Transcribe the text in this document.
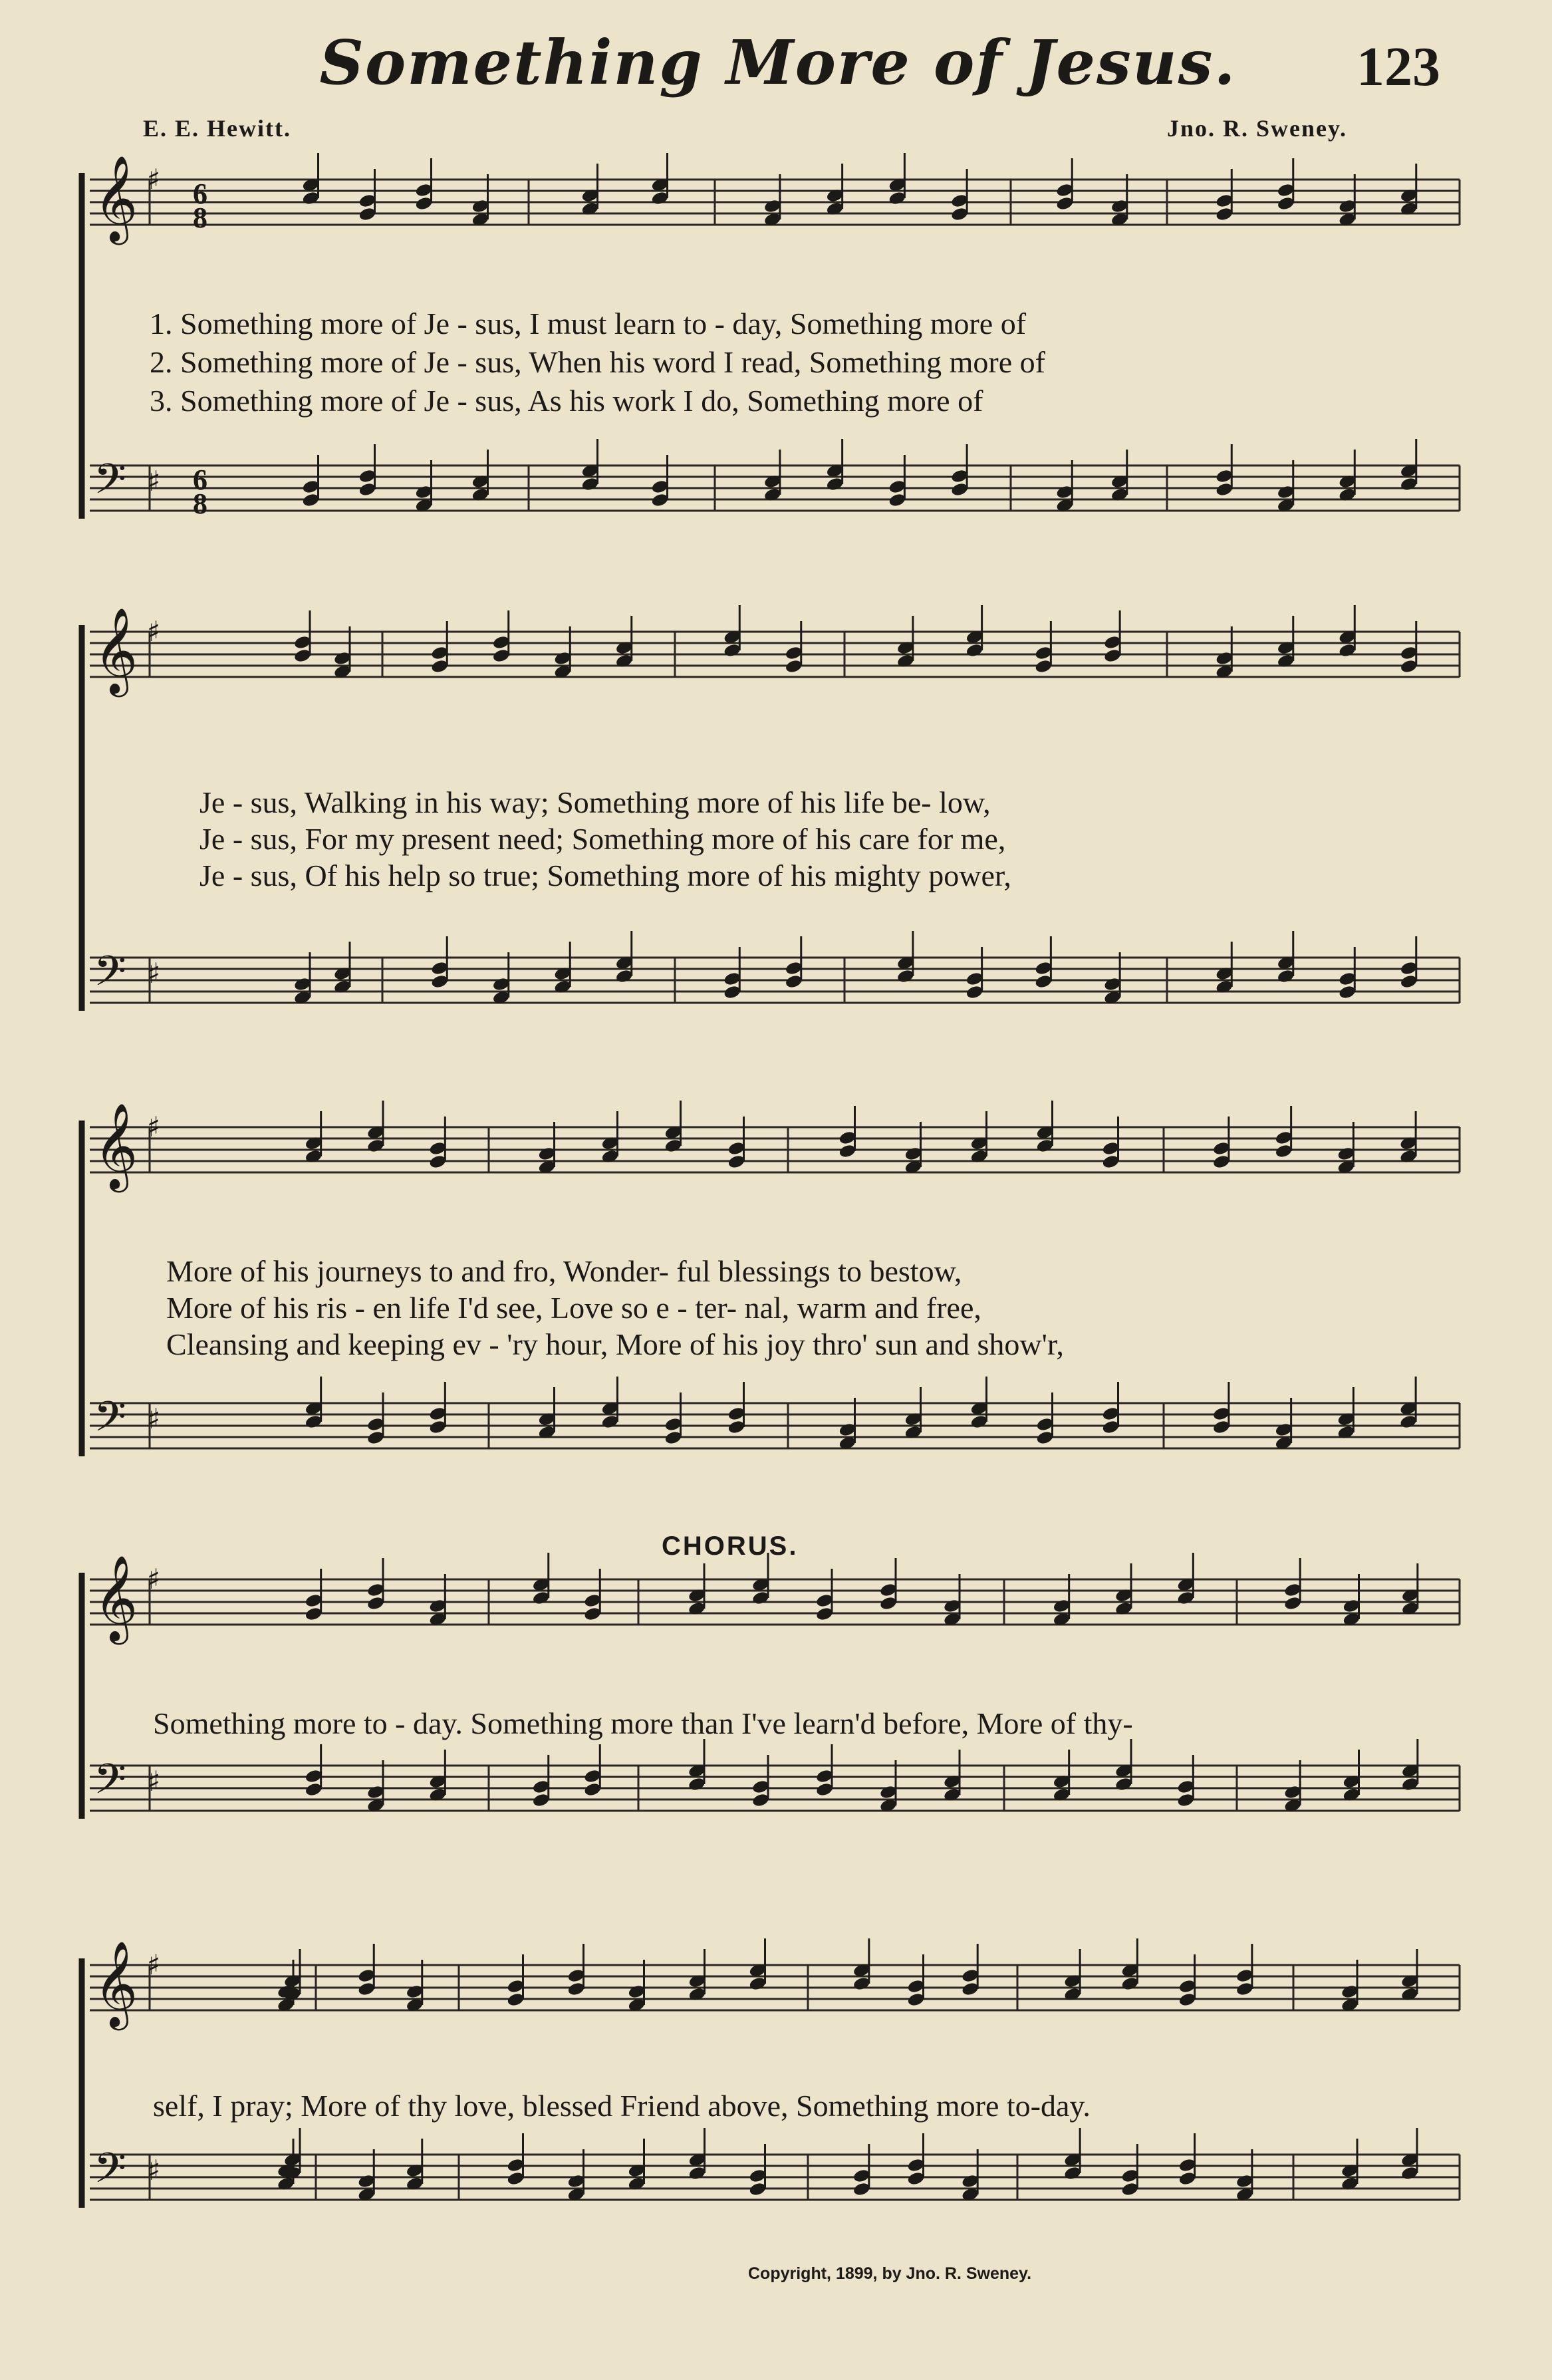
Something More of Jesus.	123
E. E. Hewitt.	Jno. R. Sweney.
CHORUS.
Copyright, 1899, by Jno. R. Sweney.
𝄞 ♯
𝄢 ♯
6
8
6
8
1. Something more of Je - sus, I must learn to - day, Something more of
2. Something more of Je - sus, When his word I read, Something more of
3. Something more of Je - sus, As his work I do, Something more of
𝄞 ♯
𝄢 ♯
Je - sus, Walking in his way; Something more of his life be- low,
Je - sus, For my present need; Something more of his care for me,
Je - sus, Of his help so true; Something more of his mighty power,
𝄞 ♯
𝄢 ♯
More of his journeys to and fro, Wonder- ful blessings to bestow,
More of his ris - en life I'd see, Love so e - ter- nal, warm and free,
Cleansing and keeping ev - 'ry hour, More of his joy thro' sun and show'r,
𝄞 ♯
𝄢 ♯
Something more to - day. Something more than I've learn'd before, More of thy-
𝄞 ♯
𝄢 ♯
self, I pray; More of thy love, blessed Friend above, Something more to-day.
